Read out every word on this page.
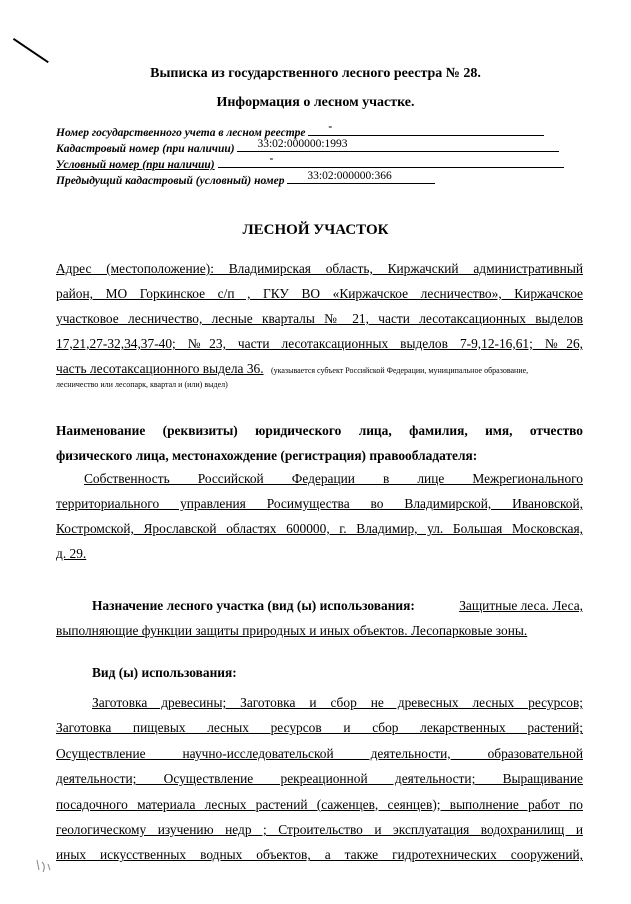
Выписка из государственного лесного реестра № 28.
Информация о лесном участке.
Номер государственного учета в лесном реестре -
Кадастровый номер (при наличии) 33:02:000000:1993
Условный номер (при наличии)	-
Предыдущий кадастровый (условный) номер 33:02:000000:366
ЛЕСНОЙ УЧАСТОК
Адрес (местоположение): Владимирская область, Киржачский административный
район, МО Горкинское с/п , ГКУ ВО «Киржачское лесничество», Киржачское
участковое лесничество, лесные кварталы № 21, части лесотаксационных выделов
17,21,27-32,34,37-40; №23, части лесотаксационных выделов 7-9,12-16,61; №26,
часть лесотаксационного выдела 36. (указывается субъект Российской Федерации, муниципальное образование,
лесничество или лесопарк, квартал и (или) выдел)
Наименование (реквизиты) юридического лица, фамилия, имя, отчество
физического лица, местонахождение (регистрация) правообладателя:
Собственность Российской Федерации в лице Межрегионального
территориального управления Росимущества во Владимирской, Ивановской,
Костромской, Ярославской областях 600000, г. Владимир, ул. Большая Московская,
д. 29.
Назначение лесного участка (вид (ы) использования:	Защитные леса. Леса,
выполняющие функции защиты природных и иных объектов. Лесопарковые зоны.
Вид (ы) использования:
Заготовка древесины; Заготовка и сбор не древесных лесных ресурсов;
Заготовка пищевых лесных ресурсов и сбор лекарственных растений;
Осуществление научно-исследовательской деятельности, образовательной
деятельности; Осуществление рекреационной деятельности; Выращивание
посадочного материала лесных растений (саженцев, сеянцев); выполнение работ по
геологическому изучению недр ; Строительство и эксплуатация водохранилищ и
иных искусственных водных объектов, а также гидротехнических сооружений,
